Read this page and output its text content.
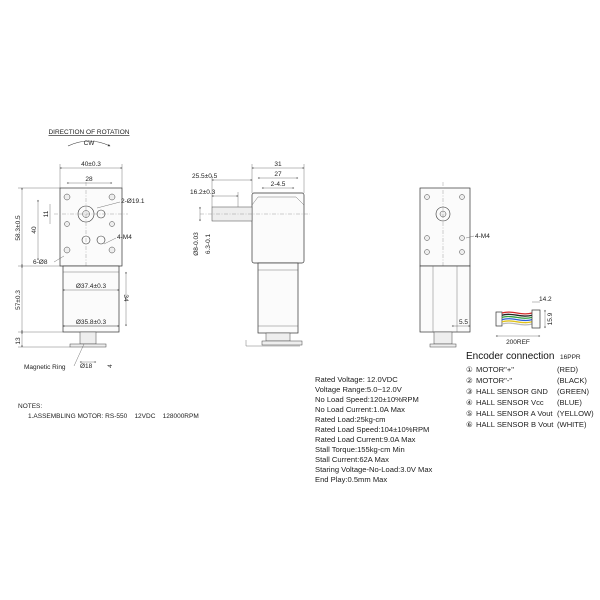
DIRECTION OF ROTATION
CW
40±0.3
28
2-Ø19.1
4-M4
6-Ø8
58.3±0.5 40
11
57±0.3
13
Ø37.4±0.3
Ø35.8±0.3
34
Magnetic Ring Ø18 4
31
27
2-4.5
25.5±0.5
16.2±0.3
Ø8-0.03 6.3-0.1	4-M4
5.5
14.2
15.9
200REF
Rated Voltage: 12.0VDC
Voltage Range:5.0~12.0V
No Load Speed:120±10%RPM
No Load Current:1.0A Max
Rated Load:25kg-cm
Rated Load Speed:104±10%RPM
Rated Load Current:9.0A Max
Stall Torque:155kg-cm Min
Stall Current:62A Max
Staring Voltage-No-Load:3.0V Max
End Play:0.5mm Max
Encoder connection 16PPR
① MOTOR"+"	(RED)
② MOTOR"-"	(BLACK)
③ HALL SENSOR GND (GREEN)
④ HALL SENSOR Vcc (BLUE)
⑤ HALL SENSOR A Vout (YELLOW)
⑥ HALL SENSOR B Vout (WHITE)
NOTES:
1.ASSEMBLING MOTOR: RS-550    12VDC    128000RPM
